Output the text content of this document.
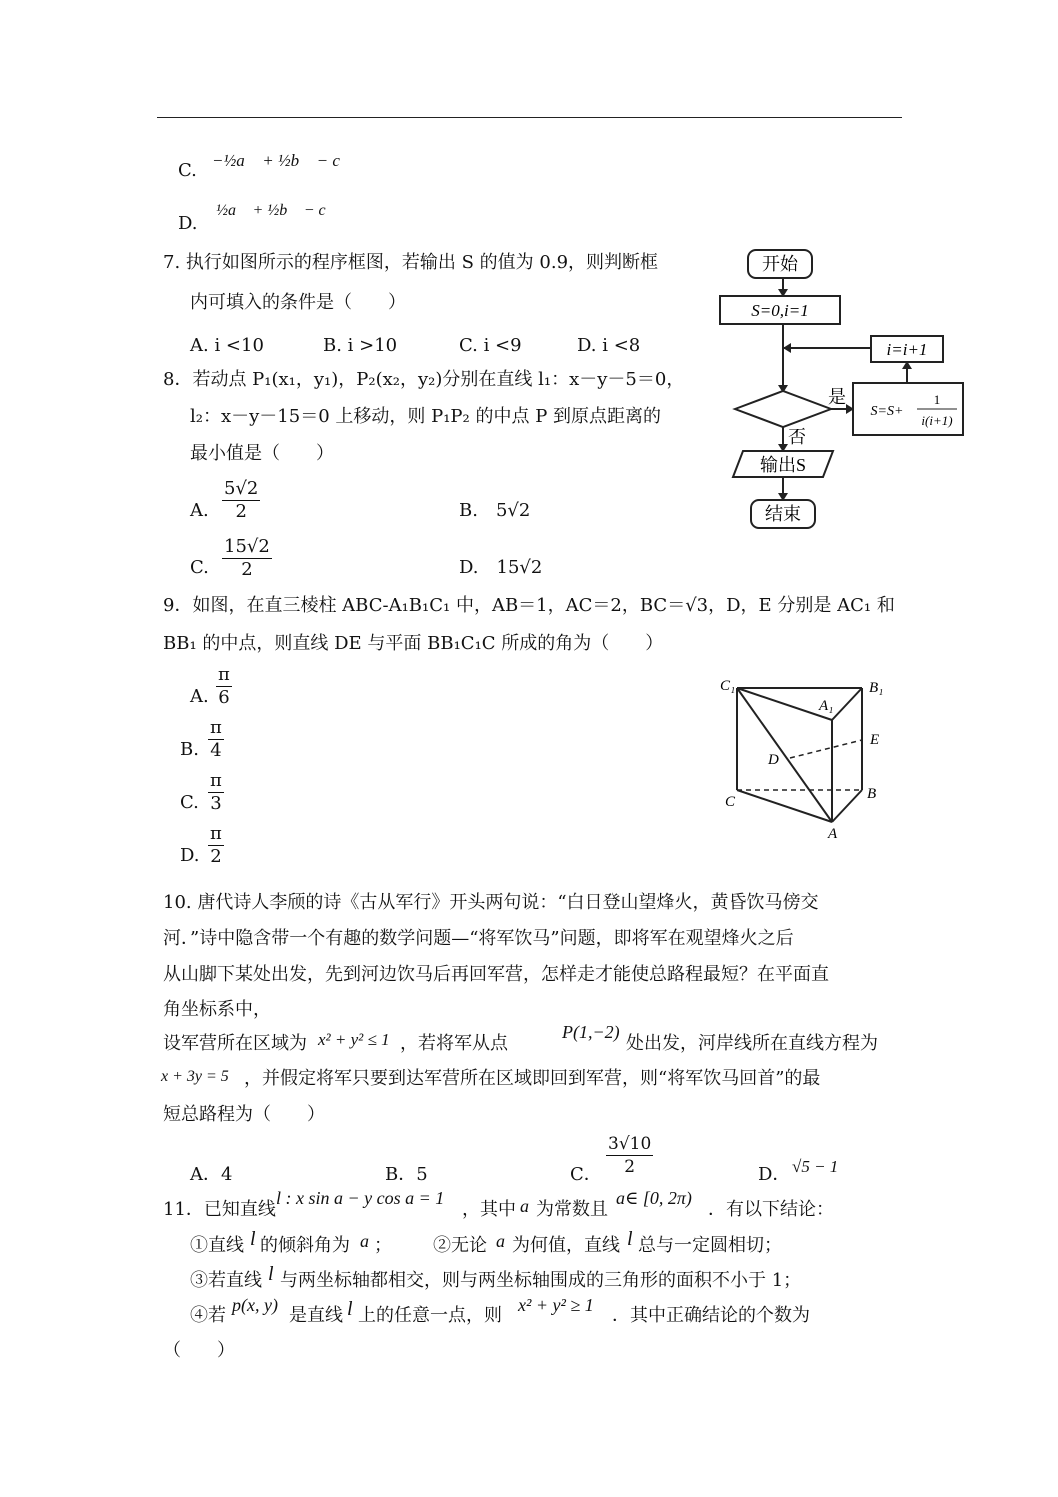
C. −½a⃗ + ½b⃗ − c⃗
D.
½a⃗ + ½b⃗ − c⃗
7. 执行如图所示的程序框图，若输出 S 的值为 0.9，则判断框
内可填入的条件是（　　）
A. i <10	B. i >10	C. i <9	D. i <8
开始
S=0,i=1
i=i+1
是
否
S=S+
1
i(i+1)
输出S
结束
8．若动点 P₁(x₁，y₁)，P₂(x₂，y₂)分别在直线 l₁：x－y－5＝0，
l₂：x－y－15＝0 上移动，则 P₁P₂ 的中点 P 到原点距离的
最小值是（　　）
A. $\frac{5√2}{2}$	B.　5√2
C. $\frac{15√2}{2}$	D.　15√2
9．如图，在直三棱柱 ABC-A₁B₁C₁ 中，AB＝1，AC＝2，BC＝√3，D，E 分别是 AC₁ 和
BB₁ 的中点，则直线 DE 与平面 BB₁C₁C 所成的角为（　　）
A. $\frac{\pi}{6}$
B. $\frac{\pi}{4}$
C. $\frac{\pi}{3}$
D. $\frac{\pi}{2}$
C₁	B₁
A₁
E
D
C	B
A
10. 唐代诗人李颀的诗《古从军行》开头两句说：“白日登山望烽火，黄昏饮马傍交
河．”诗中隐含带一个有趣的数学问题—“将军饮马”问题，即将军在观望烽火之后
从山脚下某处出发，先到河边饮马后再回军营，怎样走才能使总路程最短？在平面直
角坐标系中，
设军营所在区域为 x² + y² ≤ 1 ，若将军从点
P(1,−2)
处出发，河岸线所在直线方程为
x + 3y = 5 ，并假定将军只要到达军营所在区域即回到军营，则“将军饮马回首”的最
短总路程为（　　）
A．4	B．5	C． $\frac{3√10}{2}$	D． √5 − 1
11．已知直线
l : x sin a − y cos a = 1
，其中 a 为常数且
a∈ [0, 2π)
．有以下结论：
①直线 l 的倾斜角为 a ； ②无论 a 为何值，直线 l 总与一定圆相切；
③若直线 l 与两坐标轴都相交，则与两坐标轴围成的三角形的面积不小于 1；
④若 p(x, y) 是直线 l 上的任意一点，则 x² + y² ≥ 1 ．其中正确结论的个数为
（　　）
